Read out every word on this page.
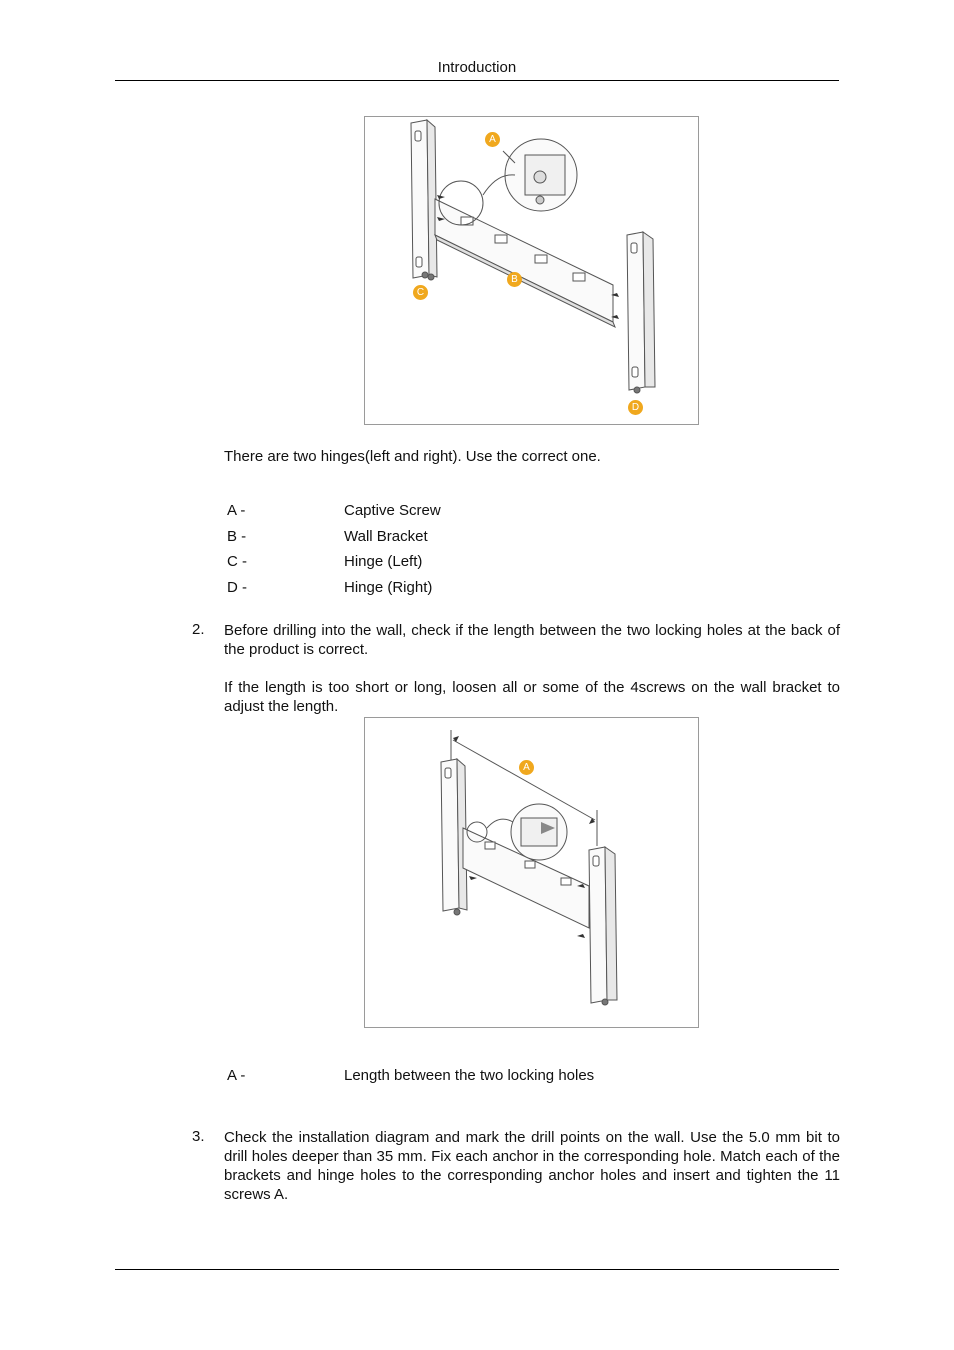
Introduction
A
B
C
D
There are two hinges(left and right). Use the correct one.
A -	Captive Screw
B -	Wall Bracket
C -	Hinge (Left)
D -	Hinge (Right)
2. Before drilling into the wall, check if the length between the two locking holes at the back of the product is correct.
If the length is too short or long, loosen all or some of the 4screws on the wall bracket to adjust the length.
A
A -	Length between the two locking holes
3. Check the installation diagram and mark the drill points on the wall. Use the 5.0 mm bit to drill holes deeper than 35 mm. Fix each anchor in the corresponding hole. Match each of the brackets and hinge holes to the corresponding anchor holes and insert and tighten the 11 screws A.
